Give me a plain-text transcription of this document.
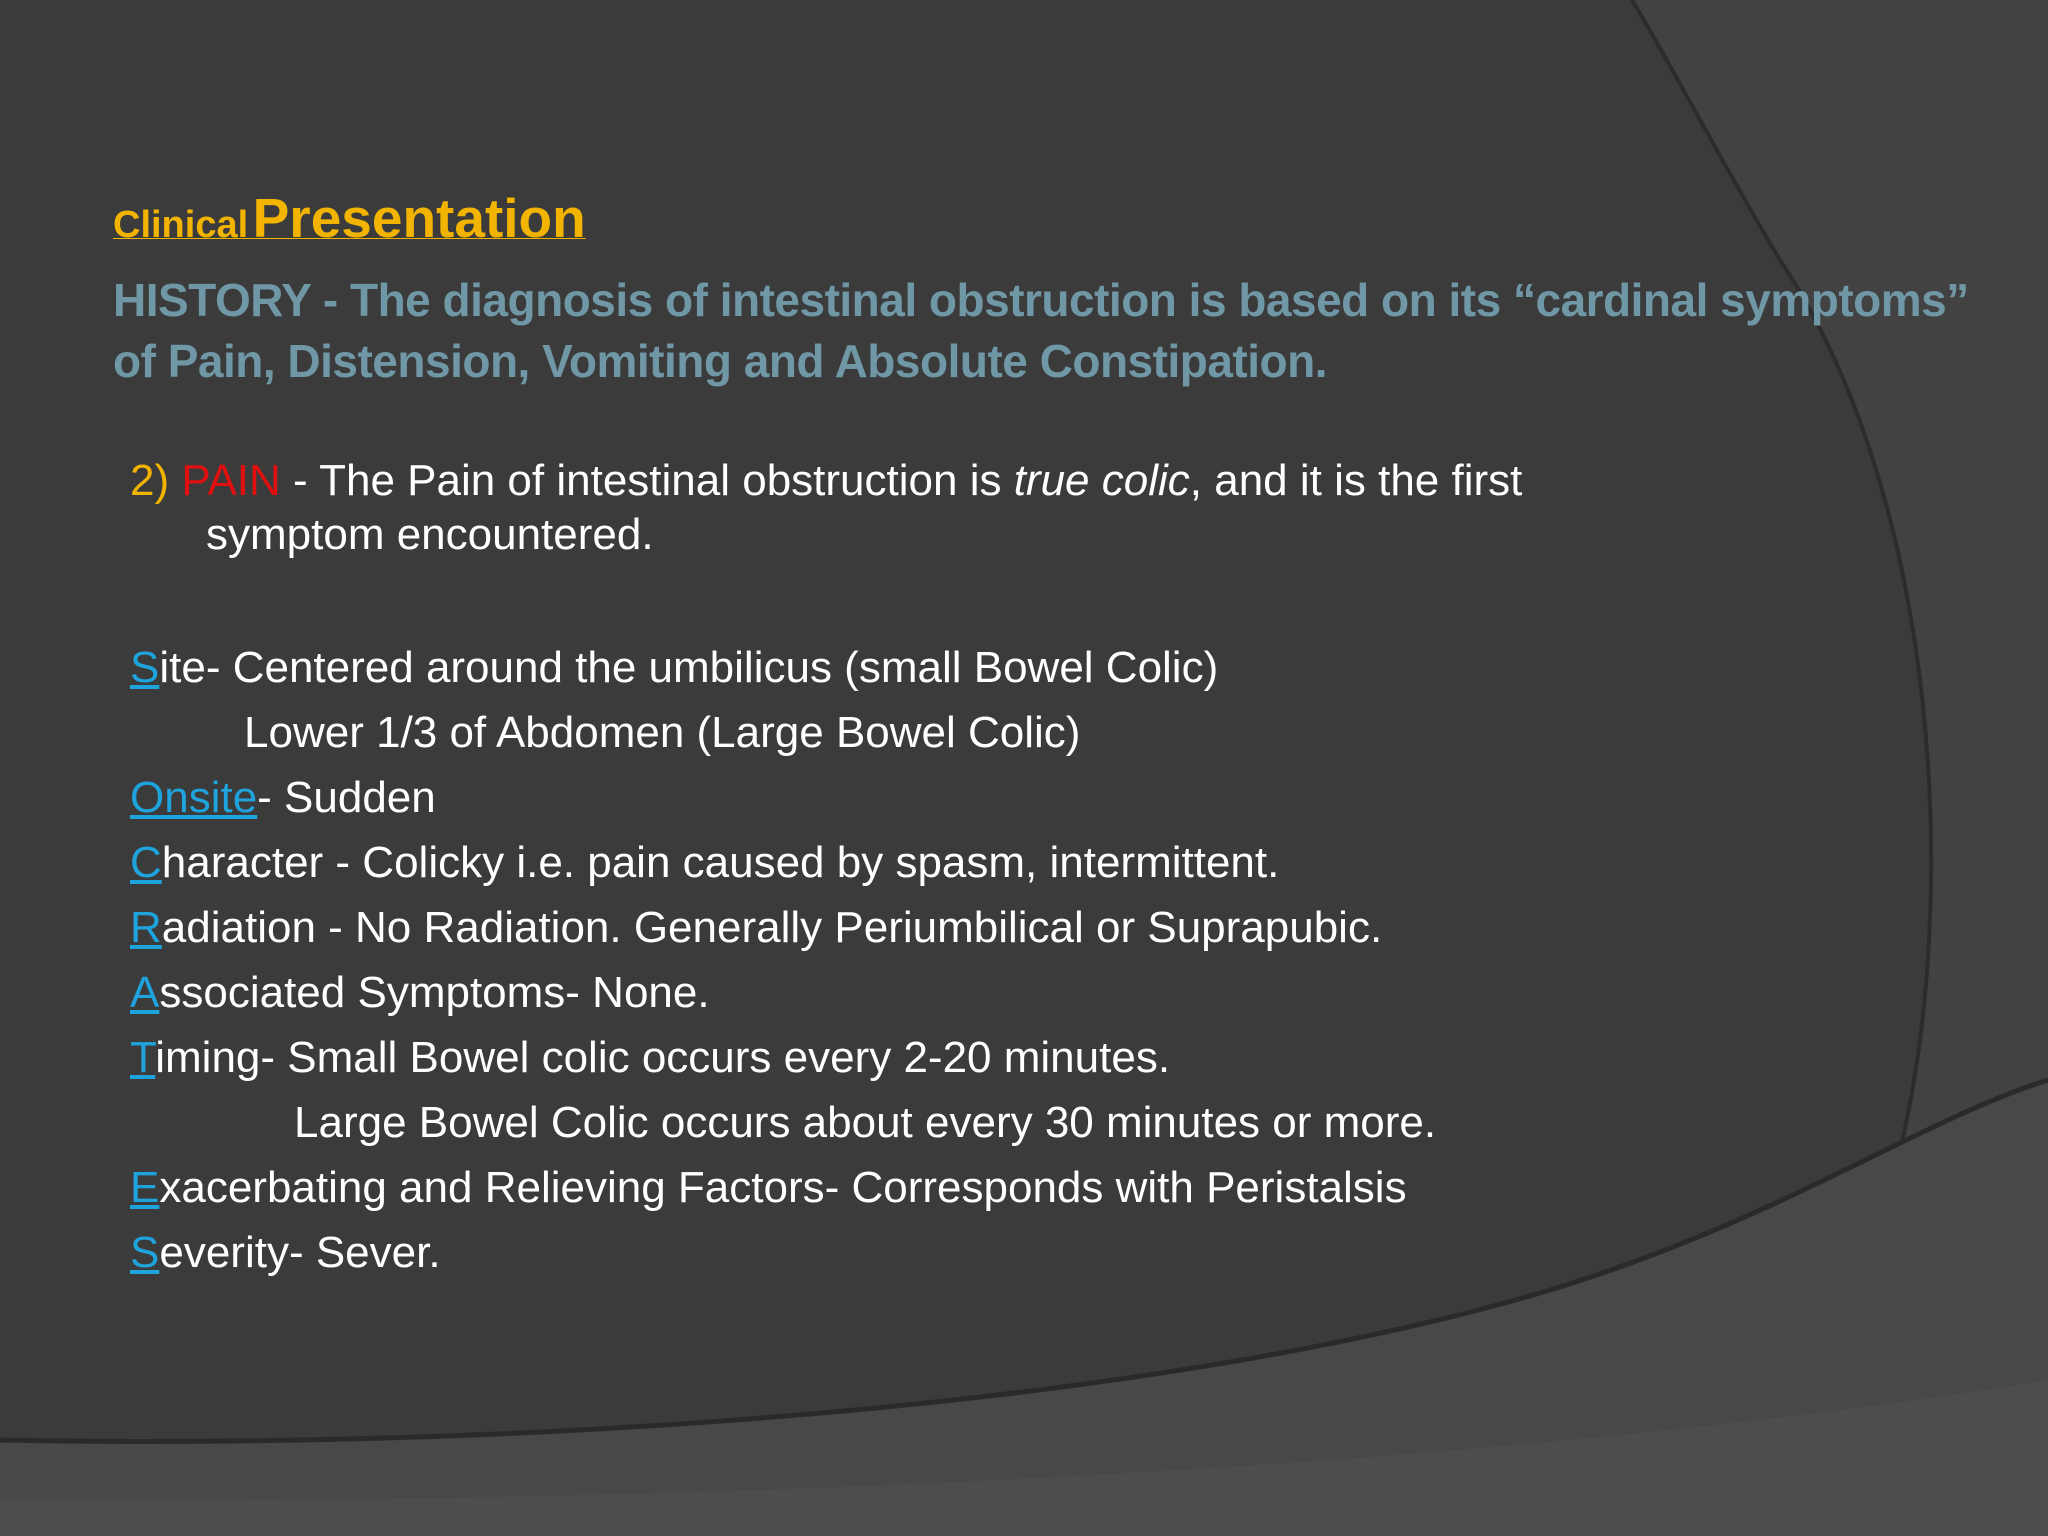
Clinical Presentation
HISTORY - The diagnosis of intestinal obstruction is based on its “cardinal symptoms”
of Pain, Distension, Vomiting and Absolute Constipation.
2) PAIN - The Pain of intestinal obstruction is true colic, and it is the first
symptom encountered.
Site- Centered around the umbilicus (small Bowel Colic)
Lower 1/3 of Abdomen (Large Bowel Colic)
Onsite- Sudden
Character - Colicky i.e. pain caused by spasm, intermittent.
Radiation - No Radiation. Generally Periumbilical or Suprapubic.
Associated Symptoms- None.
Timing- Small Bowel colic occurs every 2-20 minutes.
Large Bowel Colic occurs about every 30 minutes or more.
Exacerbating and Relieving Factors- Corresponds with Peristalsis
Severity- Sever.
